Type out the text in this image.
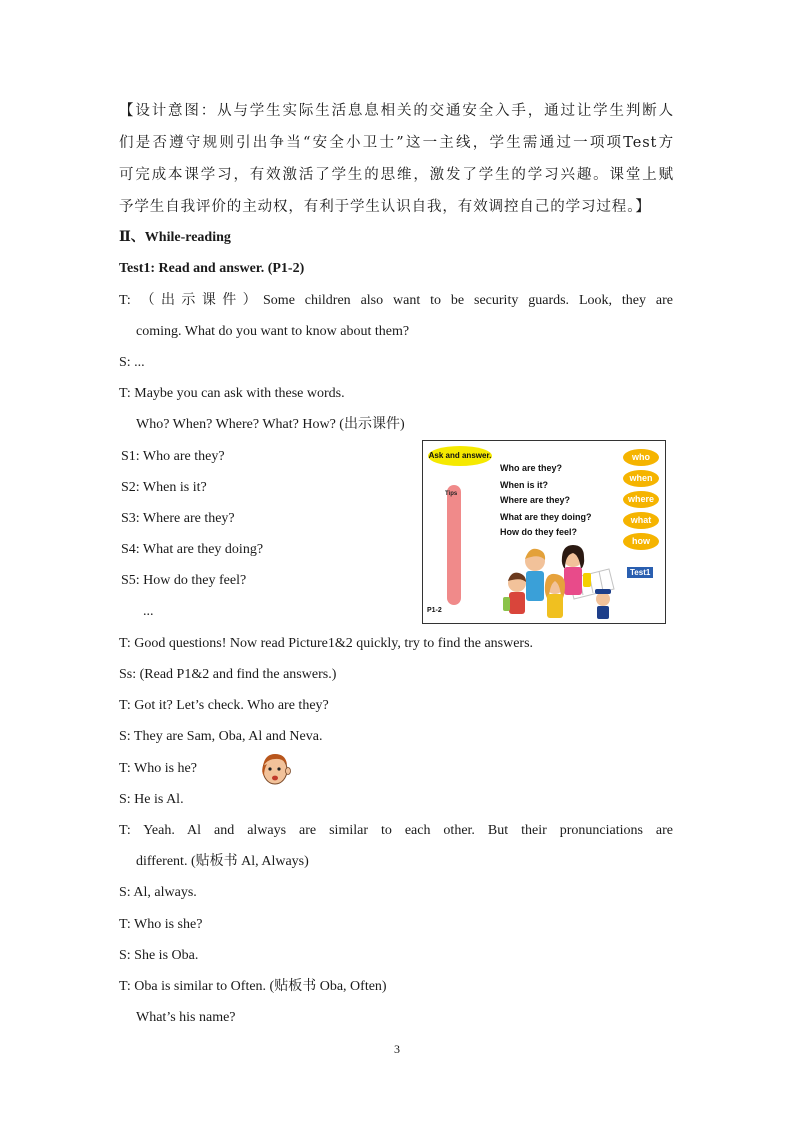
【设计意图：从与学生实际生活息息相关的交通安全入手，通过让学生判断人
们是否遵守规则引出争当“安全小卫士”这一主线，学生需通过一项项Test方
可完成本课学习，有效激活了学生的思维，激发了学生的学习兴趣。课堂上赋
予学生自我评价的主动权，有利于学生认识自我，有效调控自己的学习过程。】
Ⅱ、While-reading
Test1: Read and answer. (P1-2)
T: （出示课件）Some children also want to be security guards. Look, they are
coming. What do you want to know about them?
S: ...
T: Maybe you can ask with these words.
Who? When? Where? What? How? (出示课件)
S1: Who are they?
S2: When is it?
S3: Where are they?
S4: What are they doing?
S5: How do they feel?
...
T: Good questions! Now read Picture1&2 quickly, try to find the answers.
Ss: (Read P1&2 and find the answers.)
T: Got it? Let’s check. Who are they?
S: They are Sam, Oba, Al and Neva.
T: Who is he?
S: He is Al.
T: Yeah. Al and always are similar to each other. But their pronunciations are
different. (贴板书 Al, Always)
S: Al, always.
T: Who is she?
S: She is Oba.
T: Oba is similar to Often. (贴板书 Oba, Often)
What’s his name?
Ask and answer.
Who are they?
When is it?
Where are they?
What are they doing?
How do they feel?
who
when
where
what
how
Tips
Test1
P1-2
3
